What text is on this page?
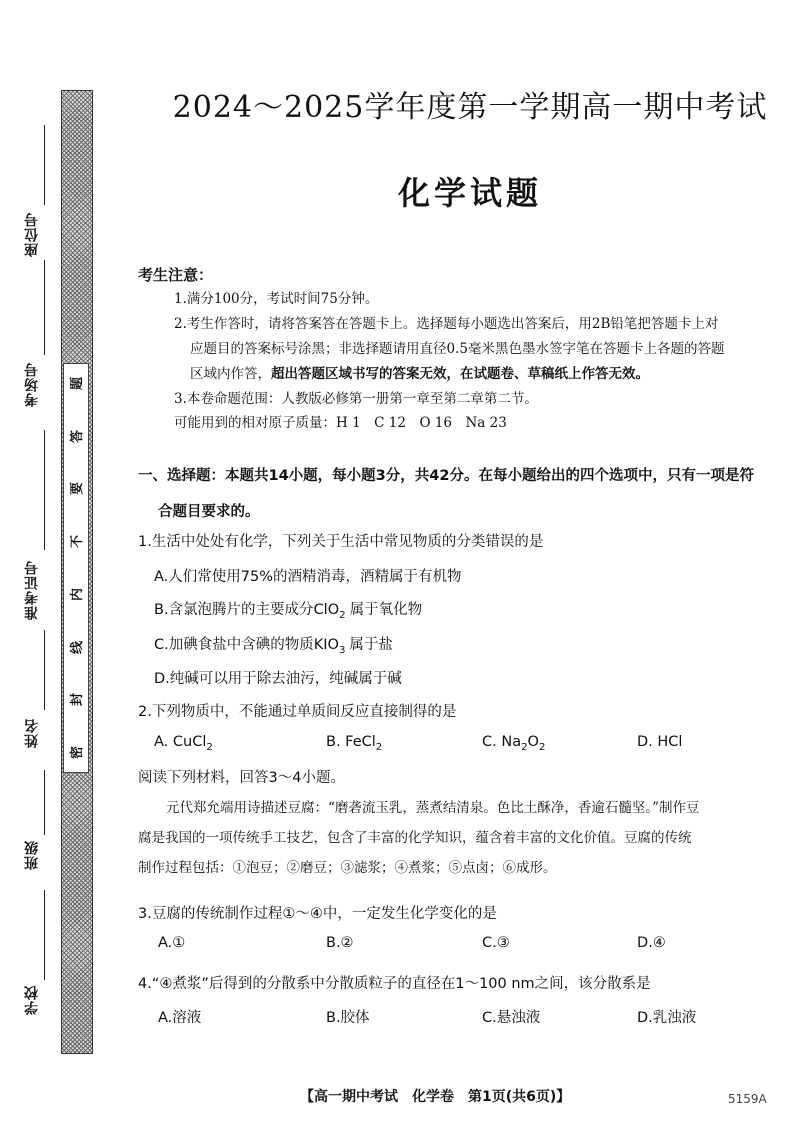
座位号
考场号
准考证号
姓名
班级
学校
题
答
要
不
内
线
封
密
2024～2025学年度第一学期高一期中考试
化学试题
考生注意：
1.满分100分，考试时间75分钟。
2.考生作答时，请将答案答在答题卡上。选择题每小题选出答案后，用2B铅笔把答题卡上对
应题目的答案标号涂黑；非选择题请用直径0.5毫米黑色墨水签字笔在答题卡上各题的答题
区域内作答，超出答题区域书写的答案无效，在试题卷、草稿纸上作答无效。
3.本卷命题范围：人教版必修第一册第一章至第二章第二节。
可能用到的相对原子质量：H 1　C 12　O 16　Na 23
一、选择题：本题共14小题，每小题3分，共42分。在每小题给出的四个选项中，只有一项是符
合题目要求的。
1.生活中处处有化学，下列关于生活中常见物质的分类错误的是
A.人们常使用75%的酒精消毒，酒精属于有机物
B.含氯泡腾片的主要成分ClO$_2$ 属于氧化物
C.加碘食盐中含碘的物质$KIO_3$ 属于盐
D.纯碱可以用于除去油污，纯碱属于碱
2.下列物质中，不能通过单质间反应直接制得的是
A. CuCl$_2$	B. FeCl$_2$	C. $Na_2O_2$	D. HCl
阅读下列材料，回答3～4小题。
元代郑允端用诗描述豆腐：“磨砻流玉乳，蒸煮结清泉。色比土酥净，香逾石髓坚。”制作豆
腐是我国的一项传统手工技艺，包含了丰富的化学知识，蕴含着丰富的文化价值。豆腐的传统
制作过程包括：①泡豆；②磨豆；③滤浆；④煮浆；⑤点卤；⑥成形。
3.豆腐的传统制作过程①～④中，一定发生化学变化的是
A.①	B.②	C.③	D.④
4.“④煮浆”后得到的分散系中分散质粒子的直径在1～100 nm之间，该分散系是
A.溶液	B.胶体	C.悬浊液	D.乳浊液
【高一期中考试　化学卷　第1页(共6页)】	5159A
